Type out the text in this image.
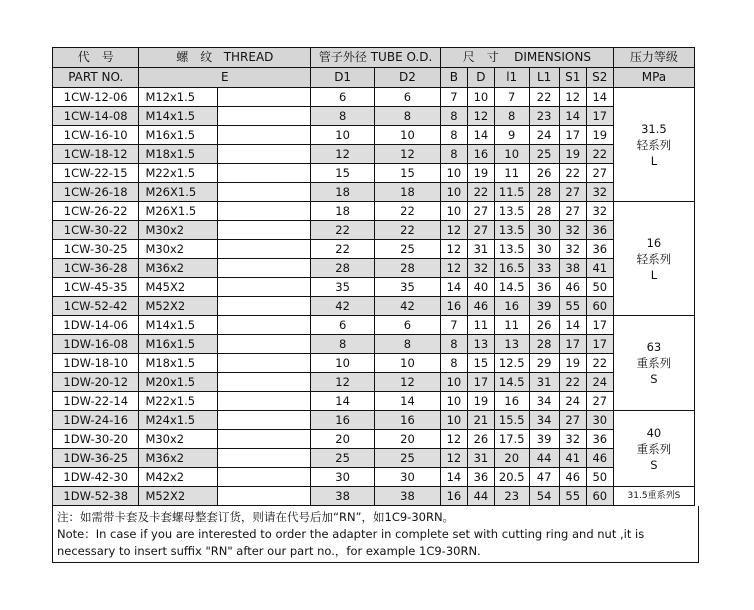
代　号	螺　纹 THREAD		管子外径 TUBE O.D.		尺　寸 DIMENSIONS						压力等级
PART NO.	E		D1	D2	B	D	l1	L1	S1	S2	MPa
1CW-12-06	M12x1.5		6	6	7	10	7	22	12	14	31.5
轻系列
L

1CW-14-08	M14x1.5		8	8	8	12	8	23	14	17	
1CW-16-10	M16x1.5		10	10	8	14	9	24	17	19	
1CW-18-12	M18x1.5		12	12	8	16	10	25	19	22	
1CW-22-15	M22x1.5		15	15	10	19	11	26	22	27	
1CW-26-18	M26X1.5		18	18	10	22	11.5	28	27	32	
1CW-26-22	M26X1.5		18	22	10	27	13.5	28	27	32	16
轻系列
L

1CW-30-22	M30x2		22	22	12	27	13.5	30	32	36	
1CW-30-25	M30x2		22	25	12	31	13.5	30	32	36	
1CW-36-28	M36x2		28	28	12	32	16.5	33	38	41	
1CW-45-35	M45X2		35	35	14	40	14.5	36	46	50	
1CW-52-42	M52X2		42	42	16	46	16	39	55	60	
1DW-14-06	M14x1.5		6	6	7	11	11	26	14	17	63
重系列
S

1DW-16-08	M16x1.5		8	8	8	13	13	28	17	17	
1DW-18-10	M18x1.5		10	10	8	15	12.5	29	19	22	
1DW-20-12	M20x1.5		12	12	10	17	14.5	31	22	24	
1DW-22-14	M22x1.5		14	14	10	19	16	34	24	27	
1DW-24-16	M24x1.5		16	16	10	21	15.5	34	27	30	40
重系列
S

1DW-30-20	M30x2		20	20	12	26	17.5	39	32	36	
1DW-36-25	M36x2		25	25	12	31	20	44	41	46	
1DW-42-30	M42x2		30	30	14	36	20.5	47	46	50	
1DW-52-38	M52X2		38	38	16	44	23	54	55	60	31.5重系列S
注：如需带卡套及卡套螺母整套订货，则请在代号后加“RN”，如1C9-30RN。
Note：In case if you are interested to order the adapter in complete set with cutting ring and nut ,it is necessary to insert suffix "RN" after our part no.，for example 1C9-30RN.
